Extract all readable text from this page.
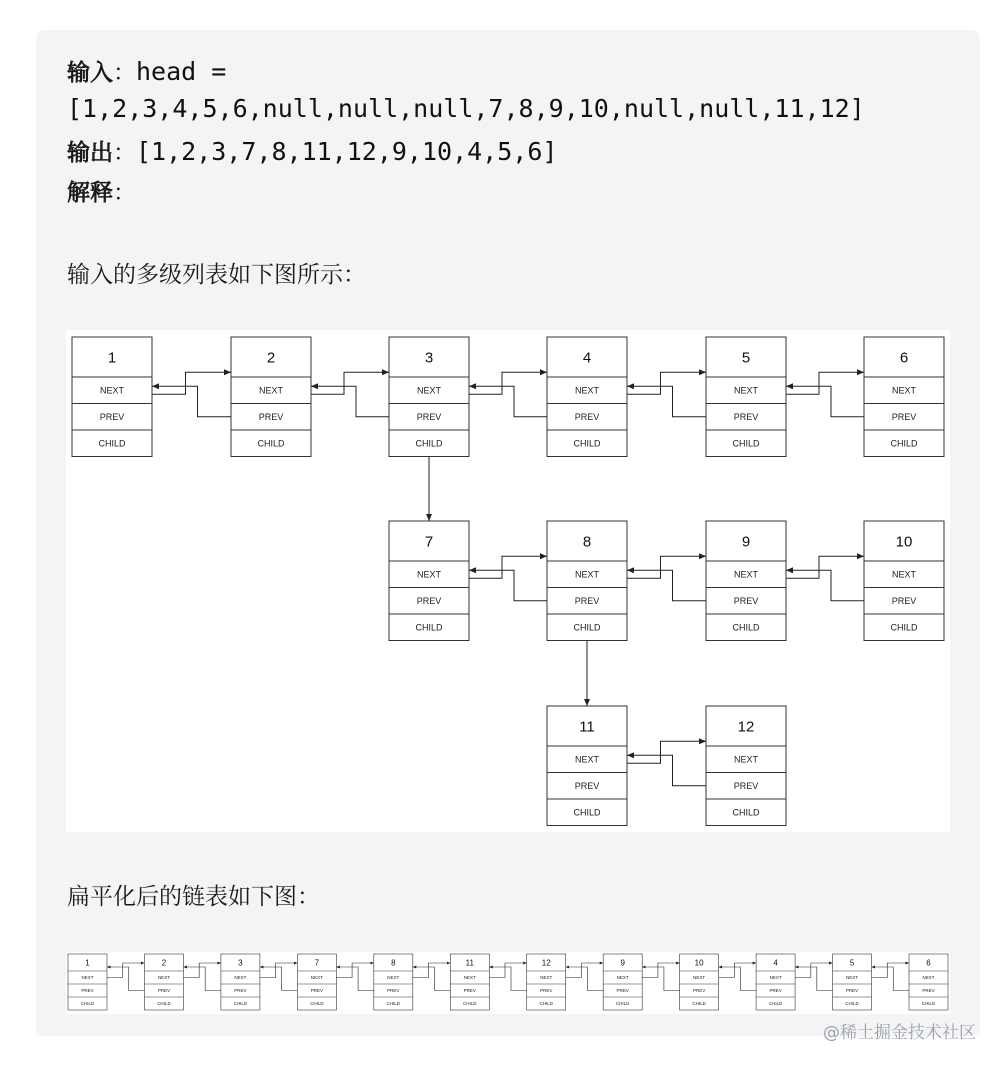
输入：head =
[1,2,3,4,5,6,null,null,null,7,8,9,10,null,null,11,12]
输出：[1,2,3,7,8,11,12,9,10,4,5,6]
解释：
输入的多级列表如下图所示：
1
NEXT
PREV
CHILD
2
NEXT
PREV
CHILD
3
NEXT
PREV
CHILD
4
NEXT
PREV
CHILD
5
NEXT
PREV
CHILD
6
NEXT
PREV
CHILD
7
NEXT
PREV
CHILD
8
NEXT
PREV
CHILD
9
NEXT
PREV
CHILD
10
NEXT
PREV
CHILD
11
NEXT
PREV
CHILD
12
NEXT
PREV
CHILD
扁平化后的链表如下图：
1
NEXT
PREV
CHILD
2
NEXT
PREV
CHILD
3
NEXT
PREV
CHILD
7
NEXT
PREV
CHILD
8
NEXT
PREV
CHILD
11
NEXT
PREV
CHILD
12
NEXT
PREV
CHILD
9
NEXT
PREV
CHILD
10
NEXT
PREV
CHILD
4
NEXT
PREV
CHILD
5
NEXT
PREV
CHILD
6
NEXT
PREV
CHILD
@稀土掘金技术社区
